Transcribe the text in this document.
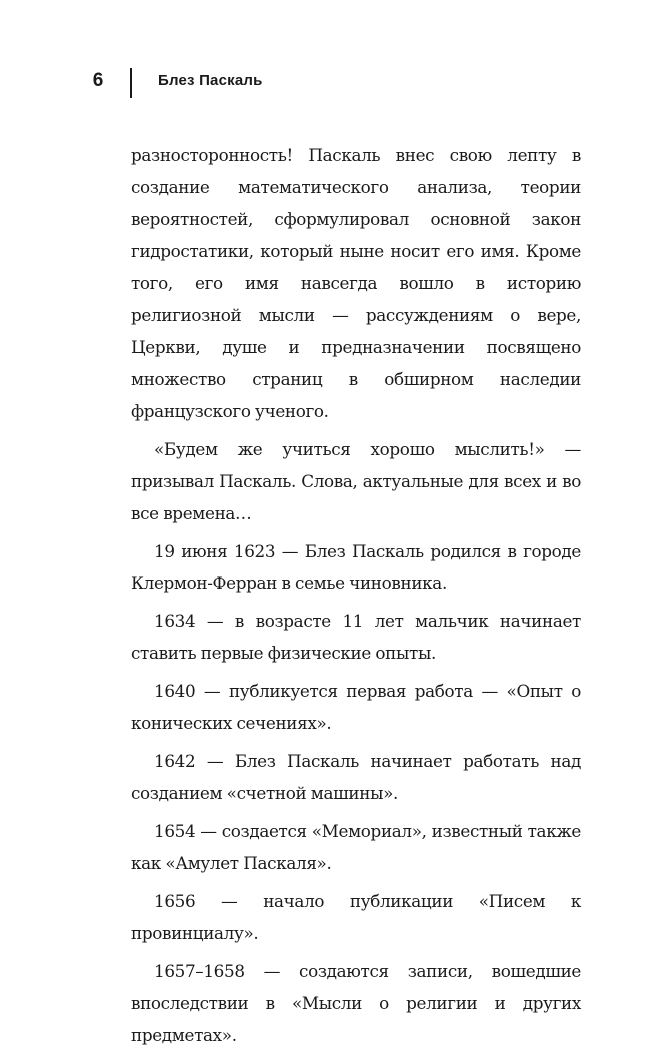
6	Блез Паскаль

разносторонность! Паскаль внес свою лепту в создание математического анализа, теории вероятностей, сформулировал основной закон гидростатики, который ныне носит его имя. Кроме того, его имя навсегда вошло в историю религиозной мысли — рассуждениям о вере, Церкви, душе и предназначении посвящено множество страниц в обширном наследии французского ученого.

«Будем же учиться хорошо мыслить!» — призывал Паскаль. Слова, актуальные для всех и во все времена…

19 июня 1623 — Блез Паскаль родился в городе Клермон-Ферран в семье чиновника.

1634 — в возрасте 11 лет мальчик начинает ставить первые физические опыты.

1640 — публикуется первая работа — «Опыт о конических сечениях».

1642 — Блез Паскаль начинает работать над созданием «счетной машины».

1654 — создается «Мемориал», известный также как «Амулет Паскаля».

1656 — начало публикации «Писем к провинциалу».

1657–1658 — создаются записи, вошедшие впоследствии в «Мысли о религии и других предметах».
